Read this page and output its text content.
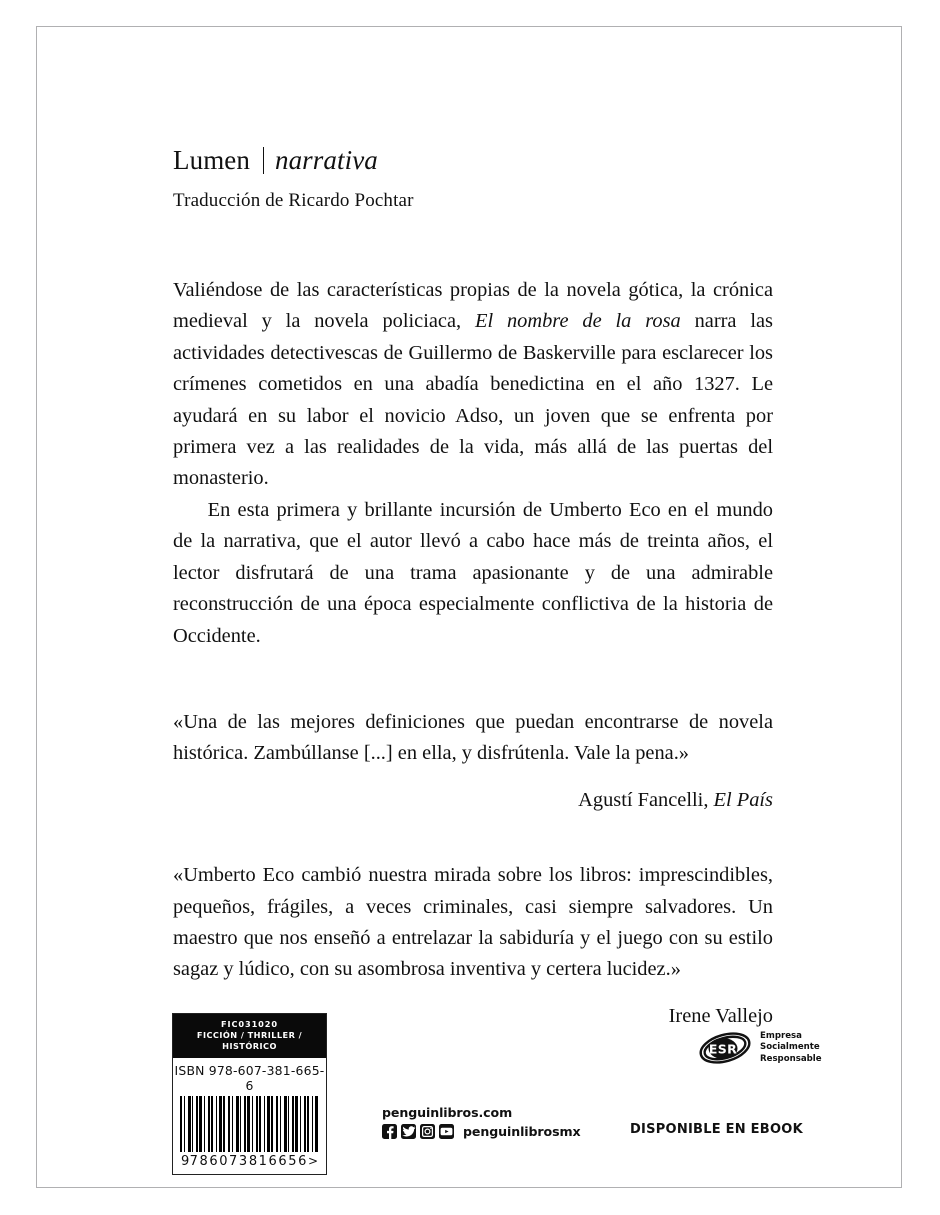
Lumen narrativa
Traducción de Ricardo Pochtar

Valiéndose de las características propias de la novela gótica, la crónica medieval y la novela policiaca, El nombre de la rosa narra las actividades detectivescas de Guillermo de Baskerville para esclarecer los crímenes cometidos en una abadía benedictina en el año 1327. Le ayudará en su labor el novicio Adso, un joven que se enfrenta por primera vez a las realidades de la vida, más allá de las puertas del monasterio.

En esta primera y brillante incursión de Umberto Eco en el mundo de la narrativa, que el autor llevó a cabo hace más de treinta años, el lector disfrutará de una trama apasionante y de una admirable reconstrucción de una época especialmente conflictiva de la historia de Occidente.

«Una de las mejores definiciones que puedan encontrarse de novela histórica. Zambúllanse [...] en ella, y disfrútenla. Vale la pena.»
Agustí Fancelli, El País
«Umberto Eco cambió nuestra mirada sobre los libros: imprescindibles, pequeños, frágiles, a veces criminales, casi siempre salvadores. Un maestro que nos enseñó a entrelazar la sabiduría y el juego con su estilo sagaz y lúdico, con su asombrosa inventiva y certera lucidez.»
Irene Vallejo
FIC031020
FICCIÓN / THRILLER / HISTÓRICO
ISBN 978-607-381-665-6
9 786073 816656 >
penguinlibros.com
penguinlibrosmx
ESR
Empresa
Socialmente
Responsable
DISPONIBLE EN EBOOK
